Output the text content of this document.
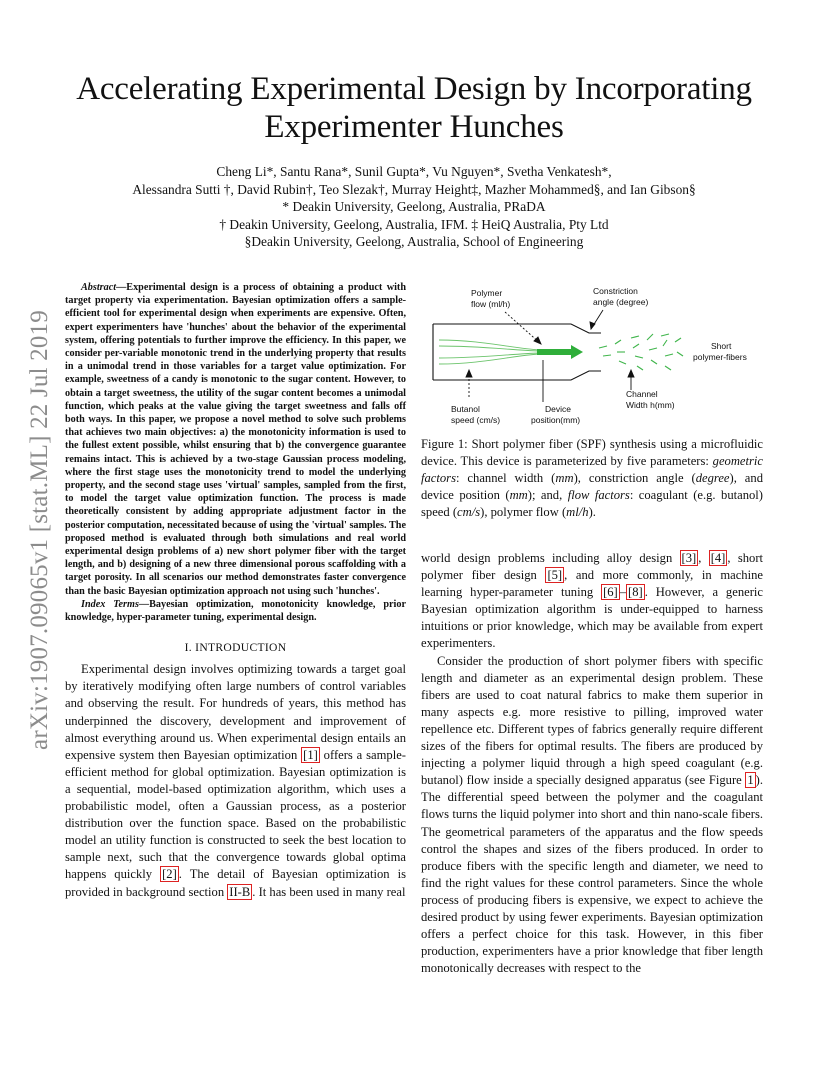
Accelerating Experimental Design by Incorporating Experimenter Hunches
Cheng Li*, Santu Rana*, Sunil Gupta*, Vu Nguyen*, Svetha Venkatesh*,
Alessandra Sutti †, David Rubin†, Teo Slezak†, Murray Height‡, Mazher Mohammed§, and Ian Gibson§
* Deakin University, Geelong, Australia, PRaDA
† Deakin University, Geelong, Australia, IFM. ‡ HeiQ Australia, Pty Ltd
§Deakin University, Geelong, Australia, School of Engineering
arXiv:1907.09065v1 [stat.ML] 22 Jul 2019

Abstract—Experimental design is a process of obtaining a product with target property via experimentation. Bayesian optimization offers a sample-efficient tool for experimental design when experiments are expensive. Often, expert experimenters have 'hunches' about the behavior of the experimental system, offering potentials to further improve the efficiency. In this paper, we consider per-variable monotonic trend in the underlying property that results in a unimodal trend in those variables for a target value optimization. For example, sweetness of a candy is monotonic to the sugar content. However, to obtain a target sweetness, the utility of the sugar content becomes a unimodal function, which peaks at the value giving the target sweetness and falls off both ways. In this paper, we propose a novel method to solve such problems that achieves two main objectives: a) the monotonicity information is used to the fullest extent possible, whilst ensuring that b) the convergence guarantee remains intact. This is achieved by a two-stage Gaussian process modeling, where the first stage uses the monotonicity trend to model the underlying property, and the second stage uses 'virtual' samples, sampled from the first, to model the target value optimization function. The process is made theoretically consistent by adding appropriate adjustment factor in the posterior computation, necessitated because of using the 'virtual' samples. The proposed method is evaluated through both simulations and real world experimental design problems of a) new short polymer fiber with the target length, and b) designing of a new three dimensional porous scaffolding with a target porosity. In all scenarios our method demonstrates faster convergence than the basic Bayesian optimization approach not using such 'hunches'.

Index Terms—Bayesian optimization, monotonicity knowledge, prior knowledge, hyper-parameter tuning, experimental design.

I. INTRODUCTION

Experimental design involves optimizing towards a target goal by iteratively modifying often large numbers of control variables and observing the result. For hundreds of years, this method has underpinned the discovery, development and improvement of almost everything around us. When experimental design entails an expensive system then Bayesian optimization [1] offers a sample-efficient method for global optimization. Bayesian optimization is a sequential, model-based optimization algorithm, which uses a probabilistic model, often a Gaussian process, as a posterior distribution over the function space. Based on the probabilistic model an utility function is constructed to seek the best location to sample next, such that the convergence towards global optima happens quickly [2] . The detail of Bayesian optimization is provided in background section II-B . It has been used in many real

Polymer
flow (ml/h)
Constriction
angle (degree)
Short
polymer-fibers
Channel
Width h(mm)
Butanol
speed (cm/s)
Device
position(mm)

Figure 1: Short polymer fiber (SPF) synthesis using a microfluidic device. This device is parameterized by five parameters: geometric factors: channel width (mm), constriction angle (degree), and device position (mm); and, flow factors: coagulant (e.g. butanol) speed (cm/s), polymer flow (ml/h).

world design problems including alloy design [3] , [4] , short polymer fiber design [5] , and more commonly, in machine learning hyper-parameter tuning [6] – [8] . However, a generic Bayesian optimization algorithm is under-equipped to harness intuitions or prior knowledge, which may be available from expert experimenters.

Consider the production of short polymer fibers with specific length and diameter as an experimental design problem. These fibers are used to coat natural fabrics to make them superior in many aspects e.g. more resistive to pilling, improved water repellence etc. Different types of fabrics generally require different sizes of the fibers for optimal results. The fibers are produced by injecting a polymer liquid through a high speed coagulant (e.g. butanol) flow inside a specially designed apparatus (see Figure 1 ). The differential speed between the polymer and the coagulant flows turns the liquid polymer into short and thin nano-scale fibers. The geometrical parameters of the apparatus and the flow speeds control the shapes and sizes of the fibers produced. In order to produce fibers with the specific length and diameter, we need to find the right values for these control parameters. Since the whole process of producing fibers is expensive, we expect to achieve the desired product by using fewer experiments. Bayesian optimization offers a perfect choice for this task. However, in this fiber production, experimenters have a prior knowledge that fiber length monotonically decreases with respect to the
